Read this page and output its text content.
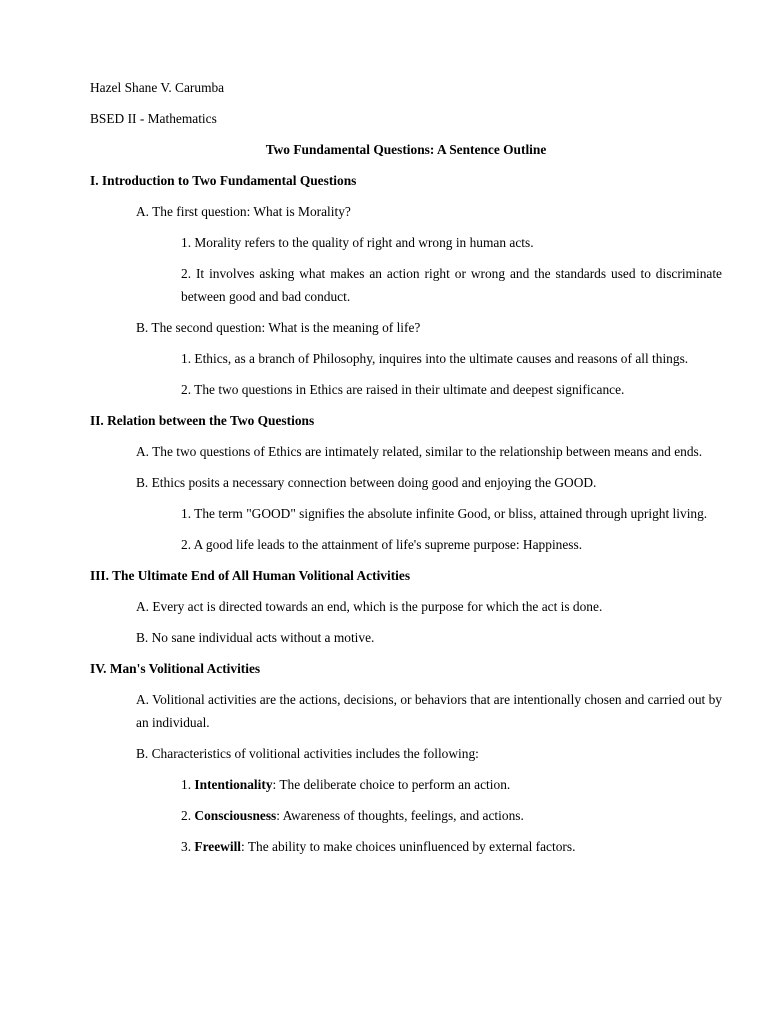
Hazel Shane V. Carumba

BSED II - Mathematics

Two Fundamental Questions: A Sentence Outline

I. Introduction to Two Fundamental Questions

A. The first question: What is Morality?

1. Morality refers to the quality of right and wrong in human acts.

2. It involves asking what makes an action right or wrong and the standards used to discriminate between good and bad conduct.

B. The second question: What is the meaning of life?

1. Ethics, as a branch of Philosophy, inquires into the ultimate causes and reasons of all things.

2. The two questions in Ethics are raised in their ultimate and deepest significance.

II. Relation between the Two Questions

A. The two questions of Ethics are intimately related, similar to the relationship between means and ends.

B. Ethics posits a necessary connection between doing good and enjoying the GOOD.

1. The term "GOOD" signifies the absolute infinite Good, or bliss, attained through upright living.

2. A good life leads to the attainment of life's supreme purpose: Happiness.

III. The Ultimate End of All Human Volitional Activities

A. Every act is directed towards an end, which is the purpose for which the act is done.

B. No sane individual acts without a motive.

IV. Man's Volitional Activities

A. Volitional activities are the actions, decisions, or behaviors that are intentionally chosen and carried out by an individual.

B. Characteristics of volitional activities includes the following:

1. Intentionality: The deliberate choice to perform an action.

2. Consciousness: Awareness of thoughts, feelings, and actions.

3. Freewill: The ability to make choices uninfluenced by external factors.
